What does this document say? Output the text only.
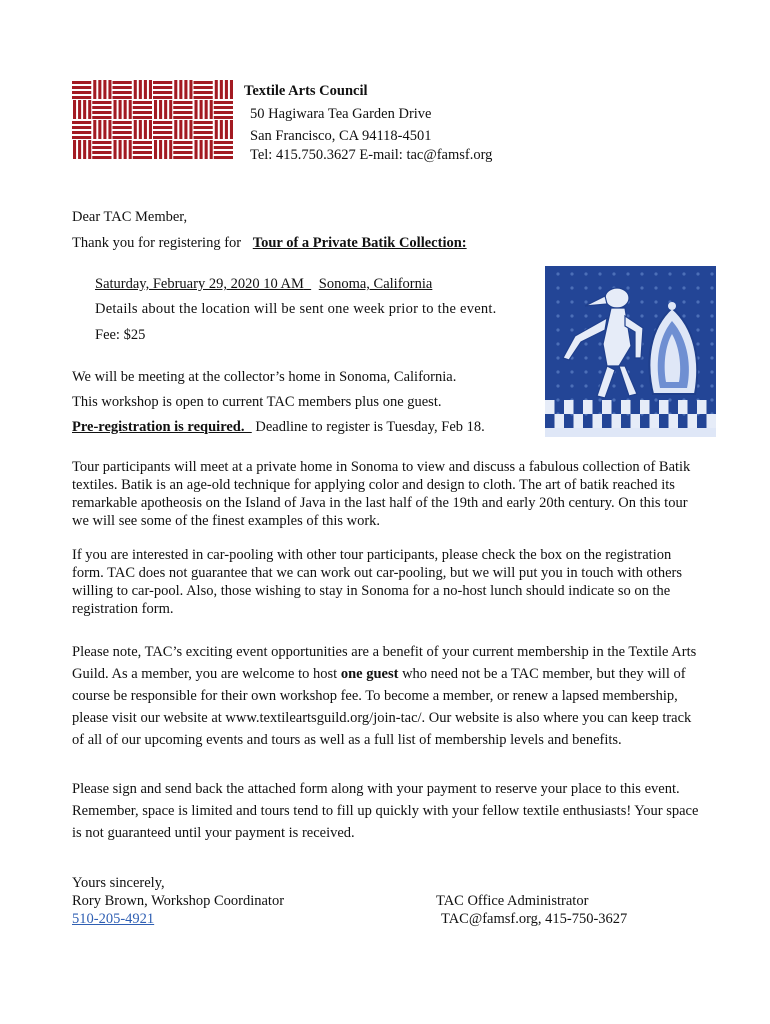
Textile Arts Council
50 Hagiwara Tea Garden Drive
San Francisco, CA 94118-4501
Tel: 415.750.3627 E-mail: tac@famsf.org
Dear TAC Member,
Thank you for registering for Tour of a Private Batik Collection:
Saturday, February 29, 2020 10 AM Sonoma, California
Details about the location will be sent one week prior to the event.
Fee: $25
We will be meeting at the collector’s home in Sonoma, California.
This workshop is open to current TAC members plus one guest.
Pre-registration is required. Deadline to register is Tuesday, Feb 18.
Tour participants will meet at a private home in Sonoma to view and discuss a fabulous collection of Batik textiles. Batik is an age-old technique for applying color and design to cloth. The art of batik reached its remarkable apotheosis on the Island of Java in the last half of the 19th and early 20th century. On this tour we will see some of the finest examples of this work.
If you are interested in car-pooling with other tour participants, please check the box on the registration form. TAC does not guarantee that we can work out car-pooling, but we will put you in touch with others willing to car-pool. Also, those wishing to stay in Sonoma for a no-host lunch should indicate so on the registration form.
Please note, TAC’s exciting event opportunities are a benefit of your current membership in the Textile Arts Guild. As a member, you are welcome to host one guest who need not be a TAC member, but they will of course be responsible for their own workshop fee. To become a member, or renew a lapsed membership, please visit our website at www.textileartsguild.org/join-tac/. Our website is also where you can keep track of all of our upcoming events and tours as well as a full list of membership levels and benefits.
Please sign and send back the attached form along with your payment to reserve your place to this event. Remember, space is limited and tours tend to fill up quickly with your fellow textile enthusiasts! Your space is not guaranteed until your payment is received.
Yours sincerely,
Rory Brown, Workshop Coordinator
510-205-4921
TAC Office Administrator
TAC@famsf.org, 415-750-3627
